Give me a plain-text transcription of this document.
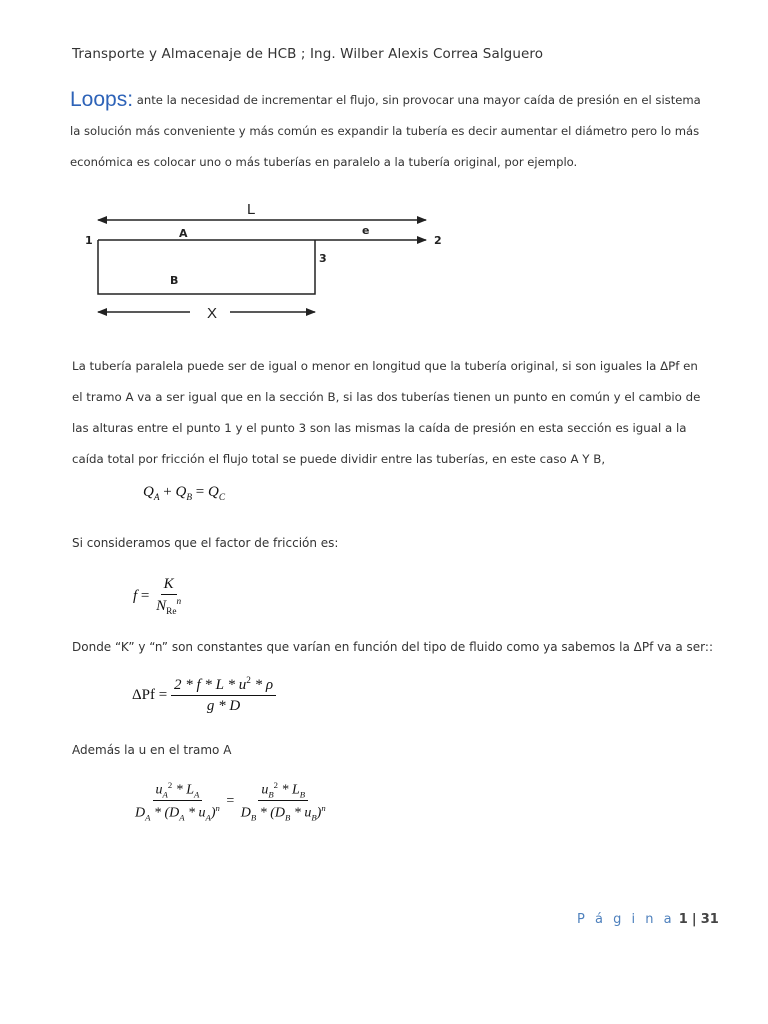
Transporte y Almacenaje de HCB ; Ing. Wilber Alexis Correa Salguero
Loops: ante la necesidad de incrementar el flujo, sin provocar una mayor caída de presión en el sistema la solución más conveniente y más común es expandir la tubería es decir aumentar el diámetro pero lo más económica es colocar uno o más tuberías en paralelo a la tubería original, por ejemplo.
L
1	2
A	e
3
B
X
La tubería paralela puede ser de igual o menor en longitud que la tubería original, si son iguales la ΔPf en el tramo A va a ser igual que en la sección B, si las dos tuberías tienen un punto en común y el cambio de las alturas entre el punto 1 y el punto 3 son las mismas la caída de presión en esta sección es igual a la caída total por fricción el flujo total se puede dividir entre las tuberías, en este caso A Y B,
$Q_A + Q_B = Q_C$
Si consideramos que el factor de fricción es:
$f = \frac{K}{N_{Re}^n}$
Donde “K” y “n” son constantes que varían en función del tipo de fluido como ya sabemos la ΔPf va a ser::
$\Delta Pf = \frac{2 * f * L * u^2 * \rho}{g * D}$
Además la u en el tramo A
$\frac{u_A^2 * L_A}{D_A * (D_A * u_A)^n} = \frac{u_B^2 * L_B}{D_B * (D_B * u_B)^n}$
P á g i n a 1 | 31
